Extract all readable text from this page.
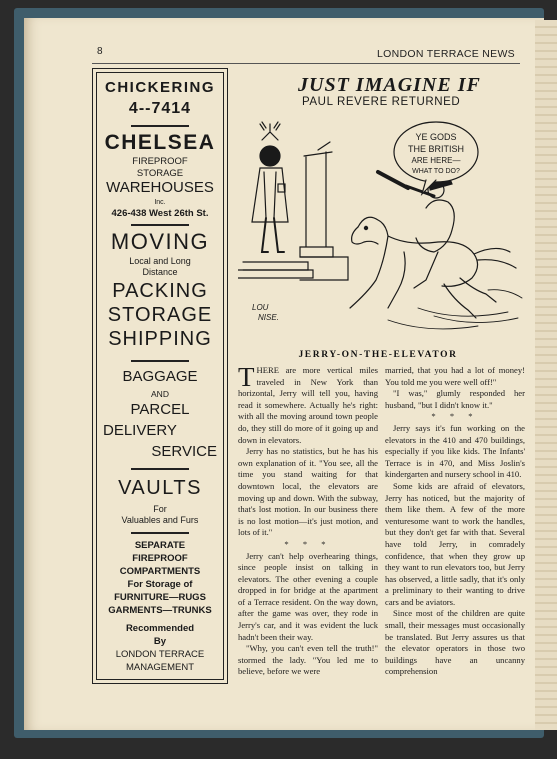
8	LONDON TERRACE NEWS
CHICKERING
4--7414
CHELSEA
FIREPROOF
STORAGE
WAREHOUSES
Inc.
426-438 West 26th St.
MOVING
Local and Long
Distance
PACKING
STORAGE
SHIPPING
BAGGAGE
AND
PARCEL
DELIVERY
SERVICE
VAULTS
For
Valuables and Furs
SEPARATE
FIREPROOF
COMPARTMENTS
For Storage of
FURNITURE—RUGS
GARMENTS—TRUNKS
Recommended
By
LONDON TERRACE
MANAGEMENT
JUST IMAGINE IF
PAUL REVERE RETURNED
YE GODS
THE BRITISH
ARE HERE—
WHAT TO DO?
LOU
NISE.
JERRY-ON-THE-ELEVATOR

THERE are more vertical miles traveled in New York than horizontal, Jerry will tell you, having read it somewhere. Actually he's right: with all the moving around town people do, they still do more of it going up and down in elevators.

Jerry has no statistics, but he has his own explanation of it. "You see, all the time you stand waiting for that downtown local, the elevators are moving up and down. With the subway, that's lost motion. In our business there is no lost motion—it's just motion, and lots of it."

* * *

Jerry can't help overhearing things, since people insist on talking in elevators. The other evening a couple dropped in for bridge at the apartment of a Terrace resident. On the way down, after the game was over, they rode in Jerry's car, and it was evident the luck hadn't been their way.

"Why, you can't even tell the truth!" stormed the lady. "You led me to believe, before we were

married, that you had a lot of money! You told me you were well off!"

"I was," glumly responded her husband, "but I didn't know it."

* * *

Jerry says it's fun working on the elevators in the 410 and 470 buildings, especially if you like kids. The Infants' Terrace is in 470, and Miss Joslin's kindergarten and nursery school in 410.

Some kids are afraid of elevators, Jerry has noticed, but the majority of them like them. A few of the more venturesome want to work the handles, but they don't get far with that. Several have told Jerry, in comradely confidence, that when they grow up they want to run elevators too, but Jerry has observed, a little sadly, that it's only a preliminary to their wanting to drive cars and be aviators.

Since most of the children are quite small, their messages must occasionally be translated. But Jerry assures us that the elevator operators in those two buildings have an uncanny comprehension
